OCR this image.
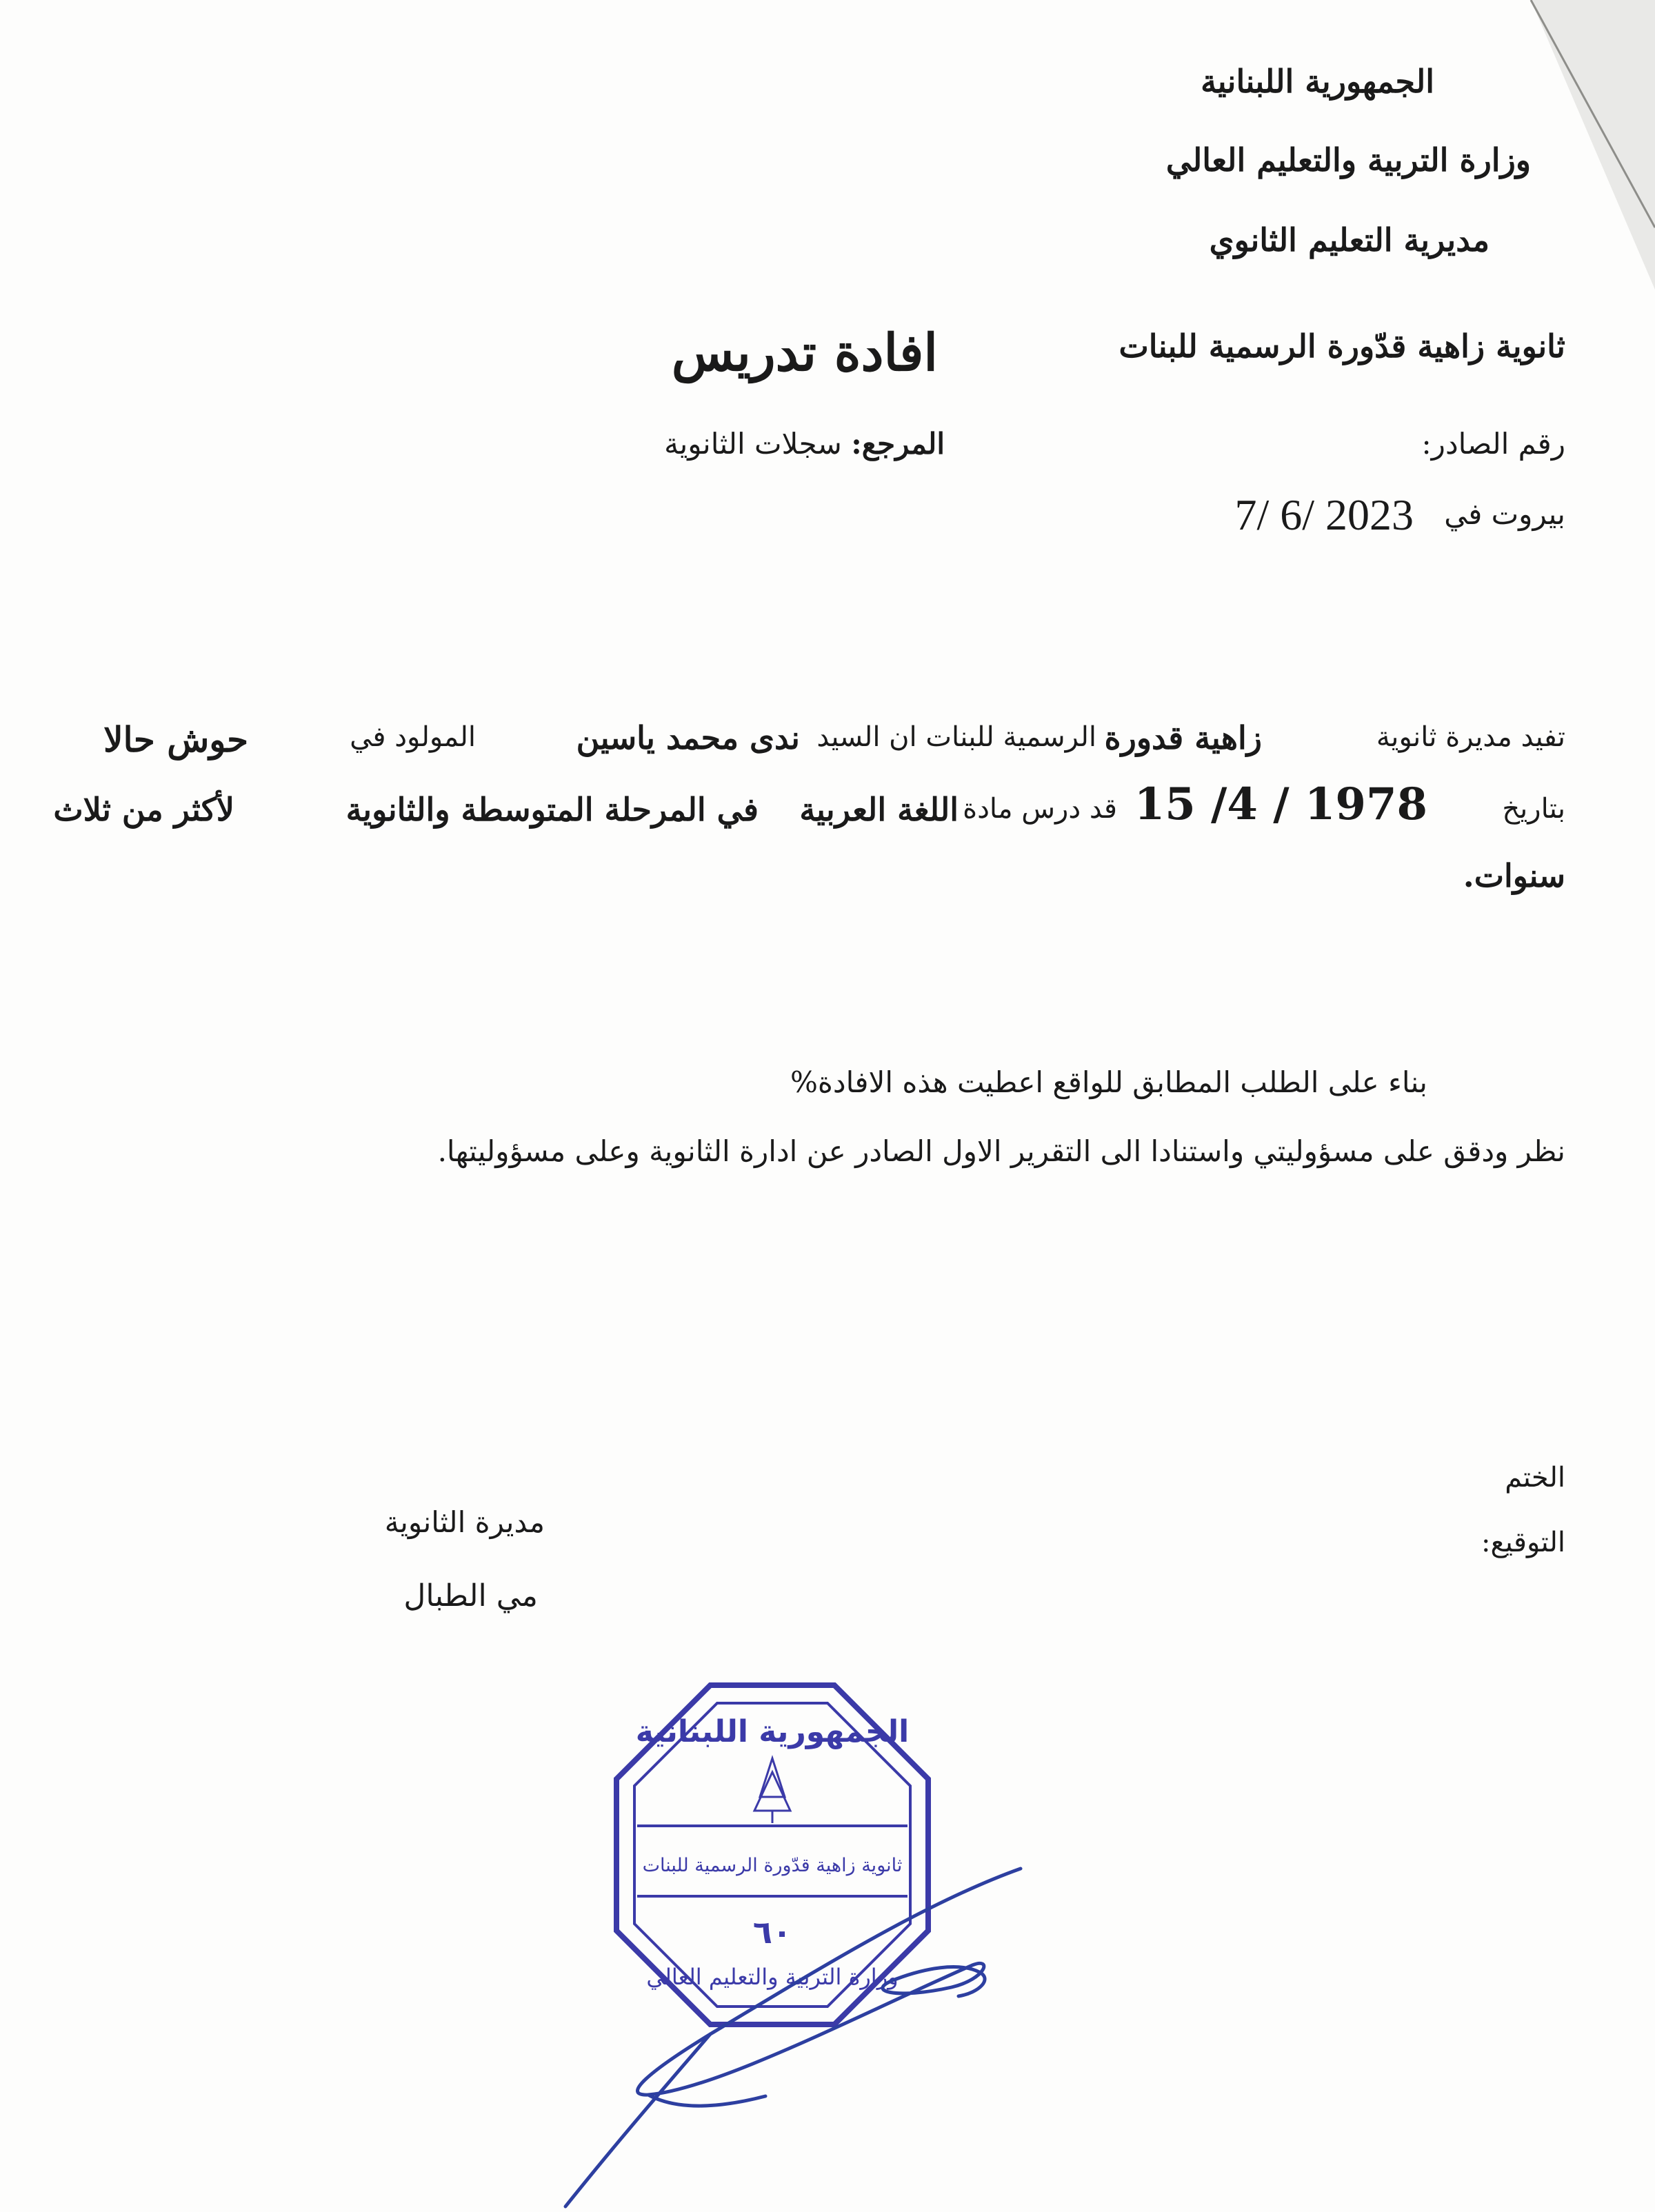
الجمهورية اللبنانية
وزارة التربية والتعليم العالي
مديرية التعليم الثانوي
ثانوية زاهية قدّورة الرسمية للبنات
افادة تدريس
رقم الصادر:
المرجع: سجلات الثانوية
بيروت في
7/ 6/ 2023
تفيد مديرة ثانوية
زاهية قدورة
الرسمية للبنات ان السيد
ندى محمد ياسين
المولود في
حوش حالا
بتاريخ
15 /4 / 1978
قد درس مادة
اللغة العربية
في المرحلة المتوسطة والثانوية
لأكثر من ثلاث
سنوات.
بناء على الطلب المطابق للواقع اعطيت هذه الافادة%
نظر ودقق على مسؤوليتي واستنادا الى التقرير الاول الصادر عن ادارة الثانوية وعلى مسؤوليتها.
الختم
التوقيع:
مديرة الثانوية
مي الطبال
الجمهورية اللبنانية
ثانوية زاهية قدّورة الرسمية للبنات
٦٠
وزارة التربية والتعليم العالي
